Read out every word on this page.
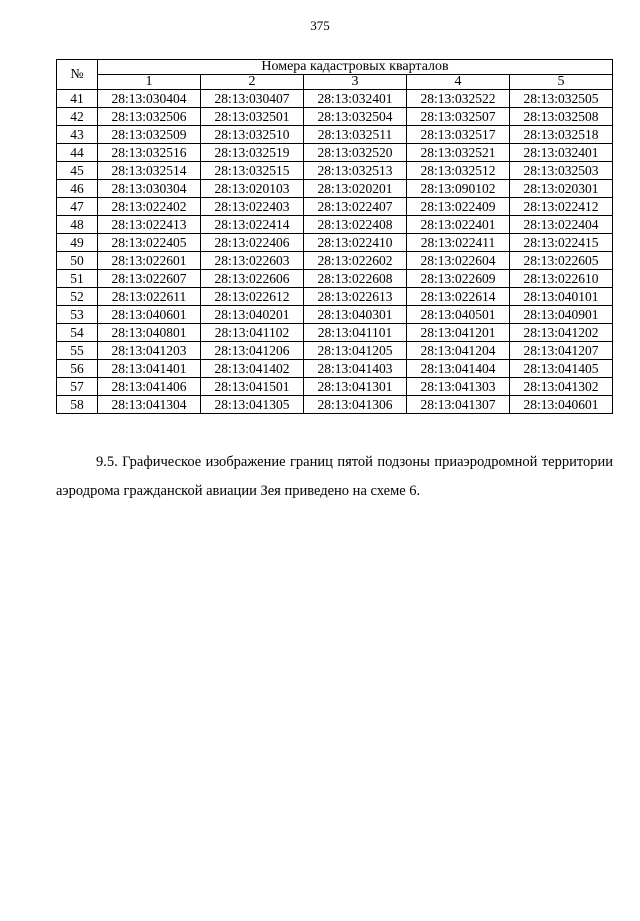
375
№	Номера кадастровых кварталов				
	1	2	3	4	5
41	28:13:030404	28:13:030407	28:13:032401	28:13:032522	28:13:032505
42	28:13:032506	28:13:032501	28:13:032504	28:13:032507	28:13:032508
43	28:13:032509	28:13:032510	28:13:032511	28:13:032517	28:13:032518
44	28:13:032516	28:13:032519	28:13:032520	28:13:032521	28:13:032401
45	28:13:032514	28:13:032515	28:13:032513	28:13:032512	28:13:032503
46	28:13:030304	28:13:020103	28:13:020201	28:13:090102	28:13:020301
47	28:13:022402	28:13:022403	28:13:022407	28:13:022409	28:13:022412
48	28:13:022413	28:13:022414	28:13:022408	28:13:022401	28:13:022404
49	28:13:022405	28:13:022406	28:13:022410	28:13:022411	28:13:022415
50	28:13:022601	28:13:022603	28:13:022602	28:13:022604	28:13:022605
51	28:13:022607	28:13:022606	28:13:022608	28:13:022609	28:13:022610
52	28:13:022611	28:13:022612	28:13:022613	28:13:022614	28:13:040101
53	28:13:040601	28:13:040201	28:13:040301	28:13:040501	28:13:040901
54	28:13:040801	28:13:041102	28:13:041101	28:13:041201	28:13:041202
55	28:13:041203	28:13:041206	28:13:041205	28:13:041204	28:13:041207
56	28:13:041401	28:13:041402	28:13:041403	28:13:041404	28:13:041405
57	28:13:041406	28:13:041501	28:13:041301	28:13:041303	28:13:041302
58	28:13:041304	28:13:041305	28:13:041306	28:13:041307	28:13:040601
9.5. Графическое изображение границ пятой подзоны приаэродромной территории аэродрома гражданской авиации Зея приведено на схеме 6.
